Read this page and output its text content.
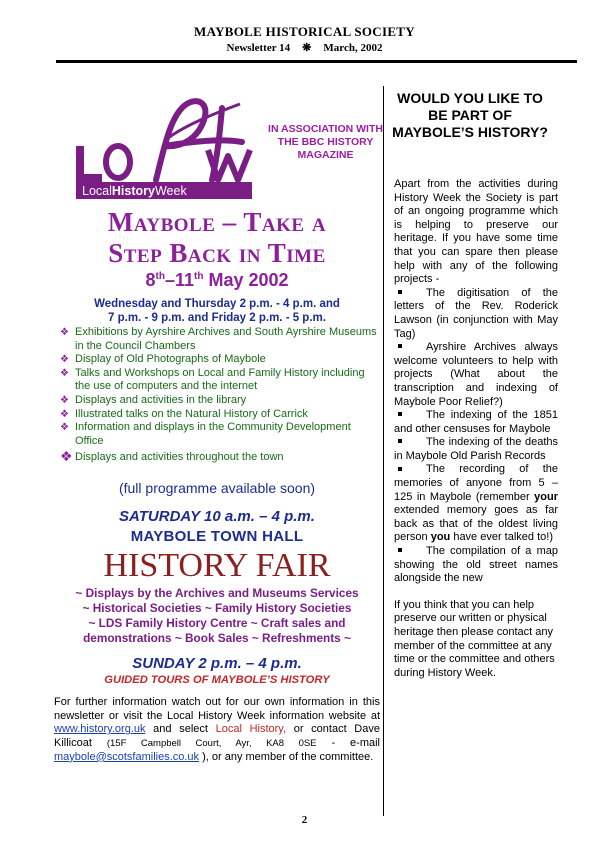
MAYBOLE HISTORICAL SOCIETY
Newsletter 14 ❋ March, 2002
LocalHistoryWeek
IN ASSOCIATION WITH THE BBC HISTORY MAGAZINE
Maybole – Take a
Step Back in Time
8th–11th May 2002
Wednesday and Thursday 2 p.m. - 4 p.m. and
7 p.m. - 9 p.m. and Friday 2 p.m. - 5 p.m.
❖ Exhibitions by Ayrshire Archives and South Ayrshire Museums in the Council Chambers
❖ Display of Old Photographs of Maybole
❖ Talks and Workshops on Local and Family History including the use of computers and the internet
❖ Displays and activities in the library
❖ Illustrated talks on the Natural History of Carrick
❖ Information and displays in the Community Development Office
❖ Displays and activities throughout the town
(full programme available soon)
SATURDAY 10 a.m. – 4 p.m.
MAYBOLE TOWN HALL
HISTORY FAIR
~ Displays by the Archives and Museums Services
~ Historical Societies ~ Family History Societies
~ LDS Family History Centre ~ Craft sales and
demonstrations ~ Book Sales ~ Refreshments ~
SUNDAY 2 p.m. – 4 p.m.
GUIDED TOURS OF MAYBOLE’S HISTORY
For further information watch out for our own information in this newsletter or visit the Local History Week information website at www.history.org.uk and select Local History, or contact Dave Killicoat (15F Campbell Court, Ayr, KA8 0SE - e-mail maybole@scotsfamilies.co.uk ), or any member of the committee.
WOULD YOU LIKE TO BE PART OF MAYBOLE’S HISTORY?

Apart from the activities during History Week the Society is part of an ongoing programme which is helping to preserve our heritage. If you have some time that you can spare then please help with any of the following projects -

The digitisation of the letters of the Rev. Roderick Lawson (in conjunction with May Tag)
Ayrshire Archives always welcome volunteers to help with projects (What about the transcription and indexing of Maybole Poor Relief?)
The indexing of the 1851 and other censuses for Maybole
The indexing of the deaths in Maybole Old Parish Records
The recording of the memories of anyone from 5 – 125 in Maybole (remember your extended memory goes as far back as that of the oldest living person you have ever talked to!)
The compilation of a map showing the old street names alongside the new

If you think that you can help preserve our written or physical heritage then please contact any member of the committee at any time or the committee and others during History Week.

2
